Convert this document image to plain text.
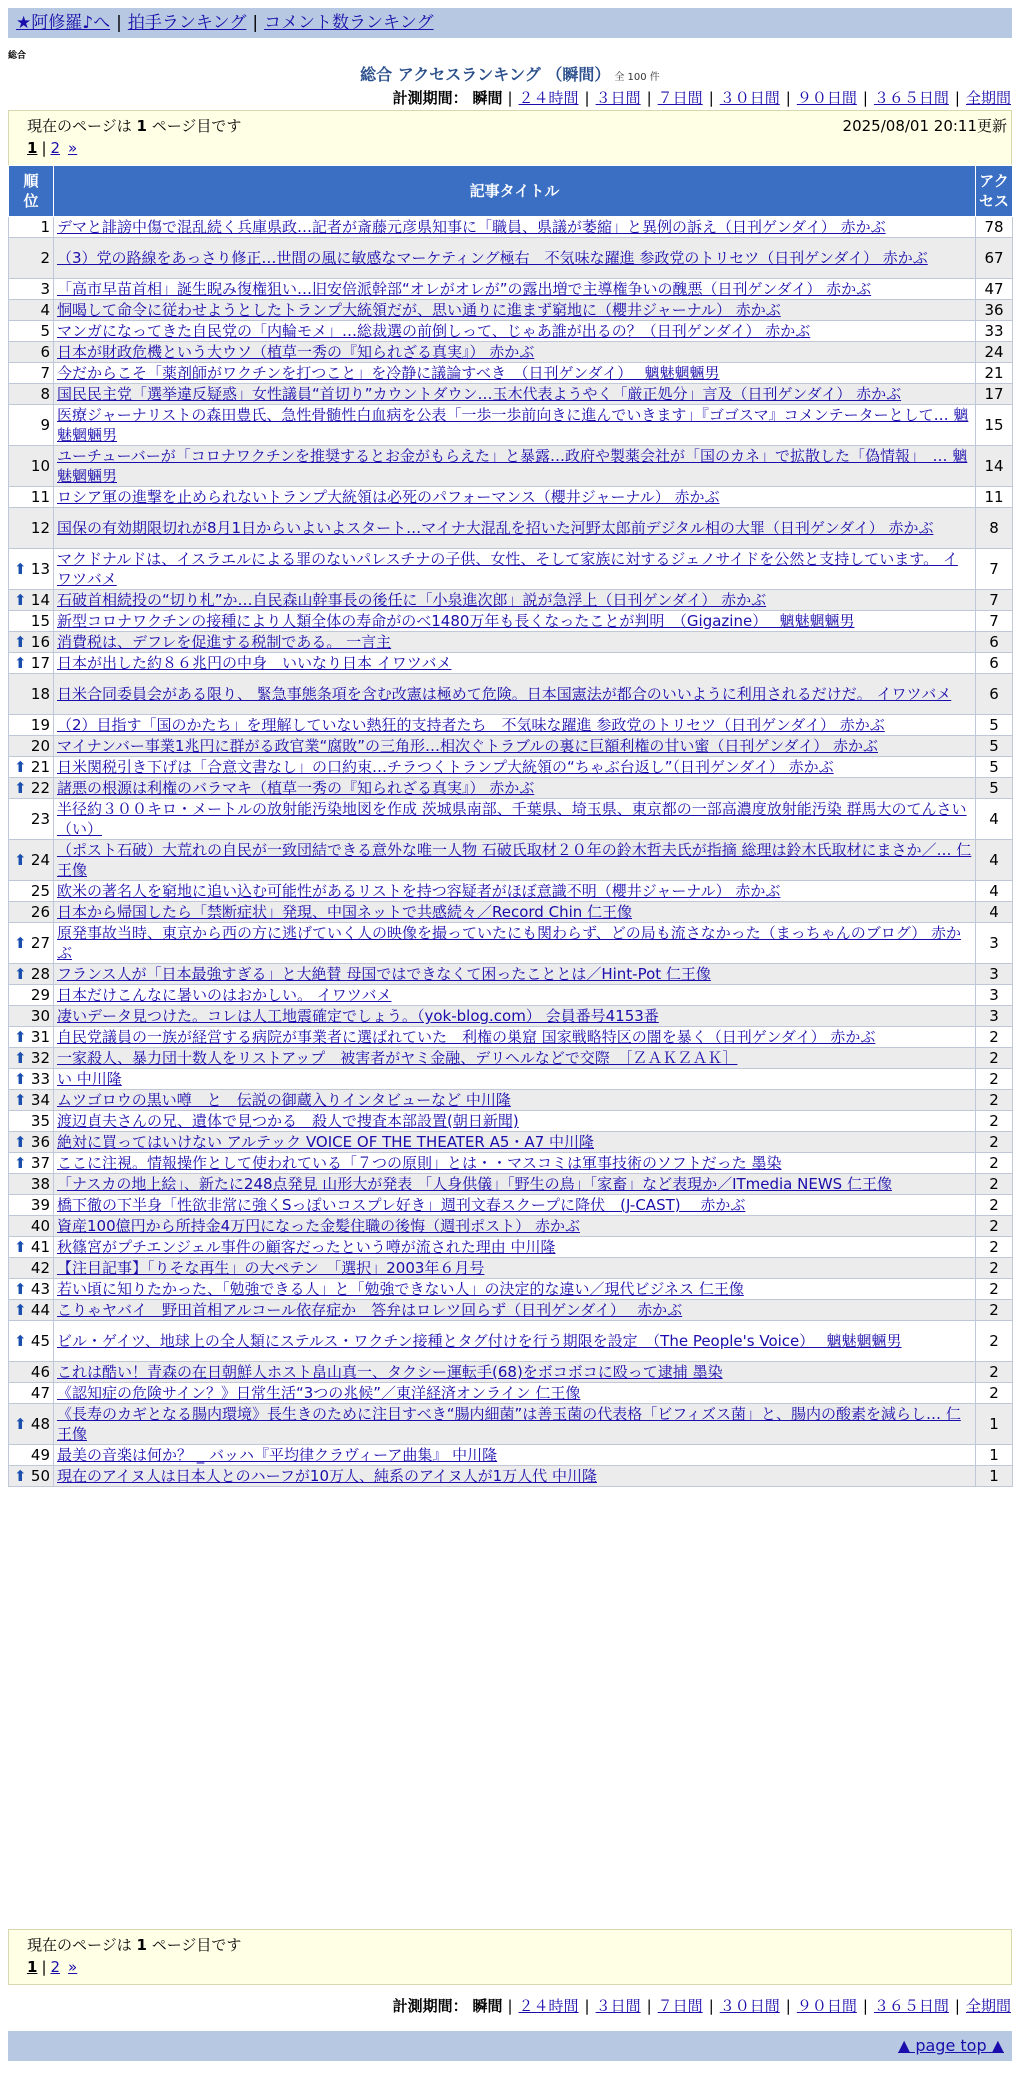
★阿修羅♪へ | 拍手ランキング | コメント数ランキング
総合
総合 アクセスランキング （瞬間） 全 100 件
計測期間： 瞬間 | ２４時間 | ３日間 | ７日間 | ３０日間 | ９０日間 | ３６５日間 | 全期間
現在のページは 1 ページ目です	2025/08/01 20:11更新
1 | 2 »
順
位	記事タイトル	アク
セス
1	デマと誹謗中傷で混乱続く兵庫県政…記者が斎藤元彦県知事に「職員、県議が萎縮」と異例の訴え（日刊ゲンダイ） 赤かぶ	78
2	（3）党の路線をあっさり修正…世間の風に敏感なマーケティング極右　不気味な躍進 参政党のトリセツ（日刊ゲンダイ） 赤かぶ	67
3	「高市早苗首相」誕生睨み復権狙い…旧安倍派幹部“オレがオレが”の露出増で主導権争いの醜悪（日刊ゲンダイ） 赤かぶ	47
4	恫喝して命令に従わせようとしたトランプ大統領だが、思い通りに進まず窮地に（櫻井ジャーナル） 赤かぶ	36
5	マンガになってきた自民党の「内輪モメ」…総裁選の前倒しって、じゃあ誰が出るの？（日刊ゲンダイ） 赤かぶ	33
6	日本が財政危機という大ウソ（植草一秀の『知られざる真実』） 赤かぶ	24
7	今だからこそ「薬剤師がワクチンを打つこと」を冷静に議論すべき　（日刊ゲンダイ）　 魑魅魍魎男	21
8	国民民主党「選挙違反疑惑」女性議員“首切り”カウントダウン…玉木代表ようやく「厳正処分」言及（日刊ゲンダイ） 赤かぶ	17
9	医療ジャーナリストの森田豊氏、急性骨髄性白血病を公表「一歩一歩前向きに進んでいきます」『ゴゴスマ』コメンテーターとして… 魑魅魍魎男	15
10	ユーチューバーが「コロナワクチンを推奨するとお金がもらえた」と暴露…政府や製薬会社が「国のカネ」で拡散した「偽情報」　… 魑魅魍魎男	14
11	ロシア軍の進撃を止められないトランプ大統領は必死のパフォーマンス（櫻井ジャーナル） 赤かぶ	11
12	国保の有効期限切れが8月1日からいよいよスタート…マイナ大混乱を招いた河野太郎前デジタル相の大罪（日刊ゲンダイ） 赤かぶ	8

⬆ 13	マクドナルドは、イスラエルによる罪のないパレスチナの子供、女性、そして家族に対するジェノサイドを公然と支持しています。 イワツバメ	7

⬆ 14	石破首相続投の“切り札”か…自民森山幹事長の後任に「小泉進次郎」説が急浮上（日刊ゲンダイ） 赤かぶ	7
15	新型コロナワクチンの接種により人類全体の寿命がのべ1480万年も長くなったことが判明　（Gigazine）　 魑魅魍魎男	7

⬆ 16	消費税は、デフレを促進する税制である。 一言主	6

⬆ 17	日本が出した約８６兆円の中身　いいなり日本 イワツバメ	6
18	日米合同委員会がある限り、 緊急事態条項を含む改憲は極めて危険。日本国憲法が都合のいいように利用されるだけだ。 イワツバメ	6
19	（2）目指す「国のかたち」を理解していない熱狂的支持者たち　不気味な躍進 参政党のトリセツ（日刊ゲンダイ） 赤かぶ	5
20	マイナンバー事業1兆円に群がる政官業“腐敗”の三角形…相次ぐトラブルの裏に巨額利権の甘い蜜（日刊ゲンダイ） 赤かぶ	5

⬆ 21	日米関税引き下げは「合意文書なし」の口約束…チラつくトランプ大統領の“ちゃぶ台返し”（日刊ゲンダイ） 赤かぶ	5

⬆ 22	諸悪の根源は利権のバラマキ（植草一秀の『知られざる真実』） 赤かぶ	5
23	半径約３００キロ・メートルの放射能汚染地図を作成 茨城県南部、千葉県、埼玉県、東京都の一部高濃度放射能汚染 群馬大のてんさい（い）	4

⬆ 24	（ポスト石破）大荒れの自民が一致団結できる意外な唯一人物 石破氏取材２０年の鈴木哲夫氏が指摘 総理は鈴木氏取材にまさか／… 仁王像	4
25	欧米の著名人を窮地に追い込む可能性があるリストを持つ容疑者がほぼ意識不明（櫻井ジャーナル） 赤かぶ	4
26	日本から帰国したら「禁断症状」発現、中国ネットで共感続々／Record Chin 仁王像	4

⬆ 27	原発事故当時、東京から西の方に逃げていく人の映像を撮っていたにも関わらず、どの局も流さなかった（まっちゃんのブログ） 赤かぶ	3

⬆ 28	フランス人が「日本最強すぎる」と大絶賛 母国ではできなくて困ったこととは／Hint-Pot 仁王像	3
29	日本だけこんなに暑いのはおかしい。 イワツバメ	3
30	凄いデータ見つけた。コレは人工地震確定でしょう。（yok-blog.com） 会員番号4153番	3

⬆ 31	自民党議員の一族が経営する病院が事業者に選ばれていた　利権の巣窟 国家戦略特区の闇を暴く（日刊ゲンダイ） 赤かぶ	2

⬆ 32	一家殺人、暴力団十数人をリストアップ　被害者がヤミ金融、デリヘルなどで交際　［ＺＡＫＺＡＫ］	2

⬆ 33	い 中川隆	2

⬆ 34	ムツゴロウの黒い噂　と　伝説の御蔵入りインタビューなど 中川隆	2
35	渡辺貞夫さんの兄、遺体で見つかる　殺人で捜査本部設置(朝日新聞)	2

⬆ 36	絶対に買ってはいけない アルテック VOICE OF THE THEATER A5・A7 中川隆	2

⬆ 37	ここに注視。情報操作として使われている「７つの原則」とは・・マスコミは軍事技術のソフトだった 墨染	2
38	「ナスカの地上絵」、新たに248点発見 山形大が発表 「人身供儀」「野生の鳥」「家畜」など表現か／ITmedia NEWS 仁王像	2
39	橋下徹の下半身「性欲非常に強くSっぽいコスプレ好き」週刊文春スクープに降伏　(J-CAST)　 赤かぶ	2
40	資産100億円から所持金4万円になった金髪住職の後悔（週刊ポスト） 赤かぶ	2

⬆ 41	秋篠宮がプチエンジェル事件の顧客だったという噂が流された理由 中川隆	2
42	【注目記事】「りそな再生」の大ペテン　「選択」2003年６月号	2

⬆ 43	若い頃に知りたかった、「勉強できる人」と「勉強できない人」の決定的な違い／現代ビジネス 仁王像	2

⬆ 44	こりゃヤバイ　野田首相アルコール依存症か　答弁はロレツ回らず（日刊ゲンダイ）　 赤かぶ	2

⬆ 45	ビル・ゲイツ、地球上の全人類にステルス・ワクチン接種とタグ付けを行う期限を設定　（The People's Voice）　 魑魅魍魎男	2
46	これは酷い！青森の在日朝鮮人ホスト畠山真一、タクシー運転手(68)をボコボコに殴って逮捕 墨染	2
47	《認知症の危険サイン？》日常生活“3つの兆候”／東洋経済オンライン 仁王像	2

⬆ 48	《長寿のカギとなる腸内環境》長生きのために注目すべき“腸内細菌”は善玉菌の代表格「ビフィズス菌」と、腸内の酸素を減らし… 仁王像	1
49	最美の音楽は何か？ _ バッハ『平均律クラヴィーア曲集』 中川隆	1

⬆ 50	現在のアイヌ人は日本人とのハーフが10万人、純系のアイヌ人が1万人代 中川隆	1
現在のページは 1 ページ目です
1 | 2 »
計測期間： 瞬間 | ２４時間 | ３日間 | ７日間 | ３０日間 | ９０日間 | ３６５日間 | 全期間
▲ page top ▲
